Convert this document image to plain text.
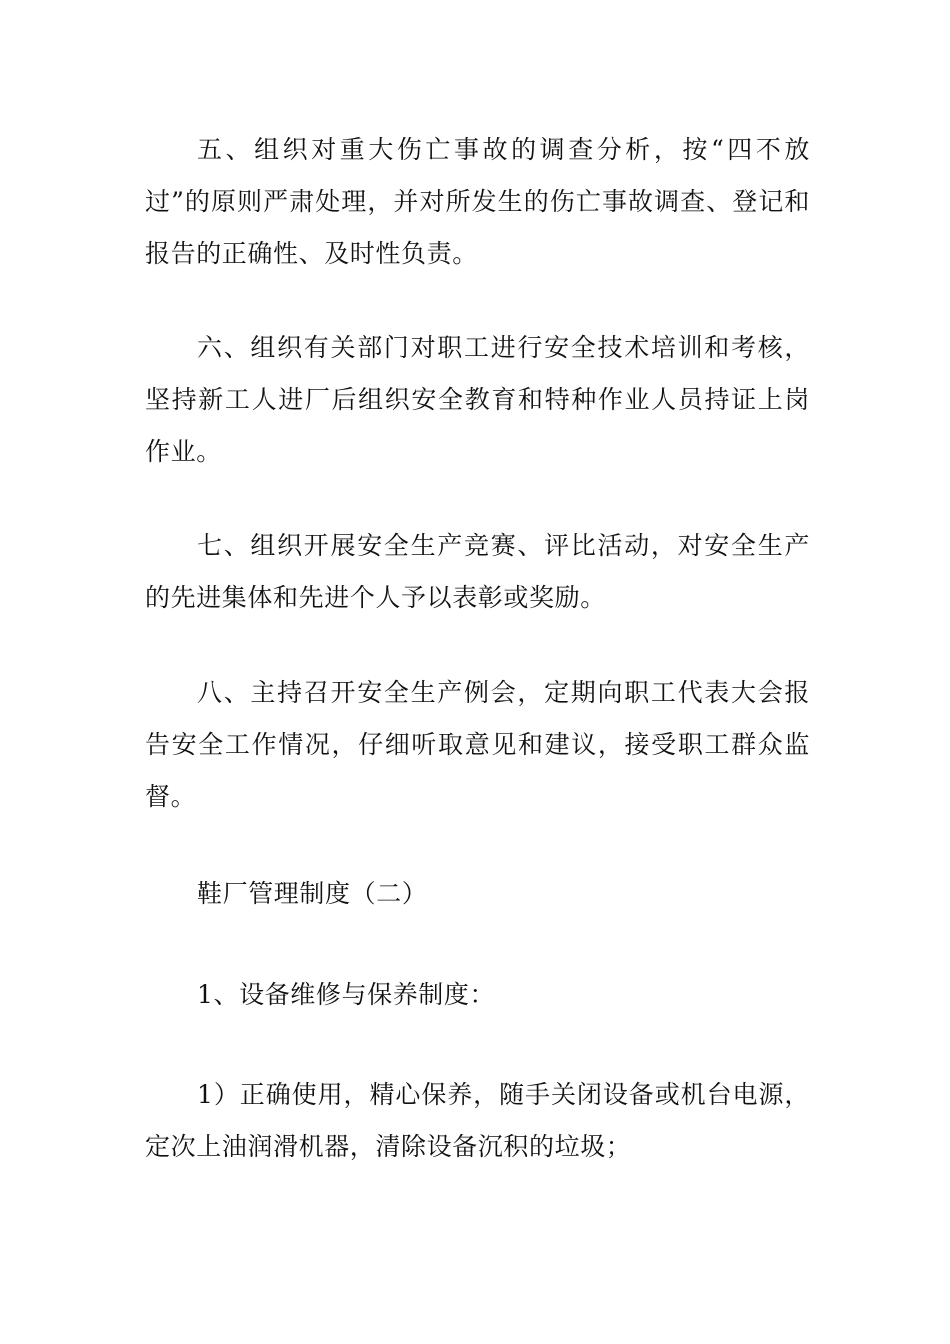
五、组织对重大伤亡事故的调查分析，按“四不放过”的原则严肃处理，并对所发生的伤亡事故调查、登记和报告的正确性、及时性负责。

六、组织有关部门对职工进行安全技术培训和考核，坚持新工人进厂后组织安全教育和特种作业人员持证上岗作业。

七、组织开展安全生产竞赛、评比活动，对安全生产的先进集体和先进个人予以表彰或奖励。

八、主持召开安全生产例会，定期向职工代表大会报告安全工作情况，仔细听取意见和建议，接受职工群众监督。

鞋厂管理制度（二）

1、设备维修与保养制度：

1）正确使用，精心保养，随手关闭设备或机台电源，定次上油润滑机器，清除设备沉积的垃圾；
